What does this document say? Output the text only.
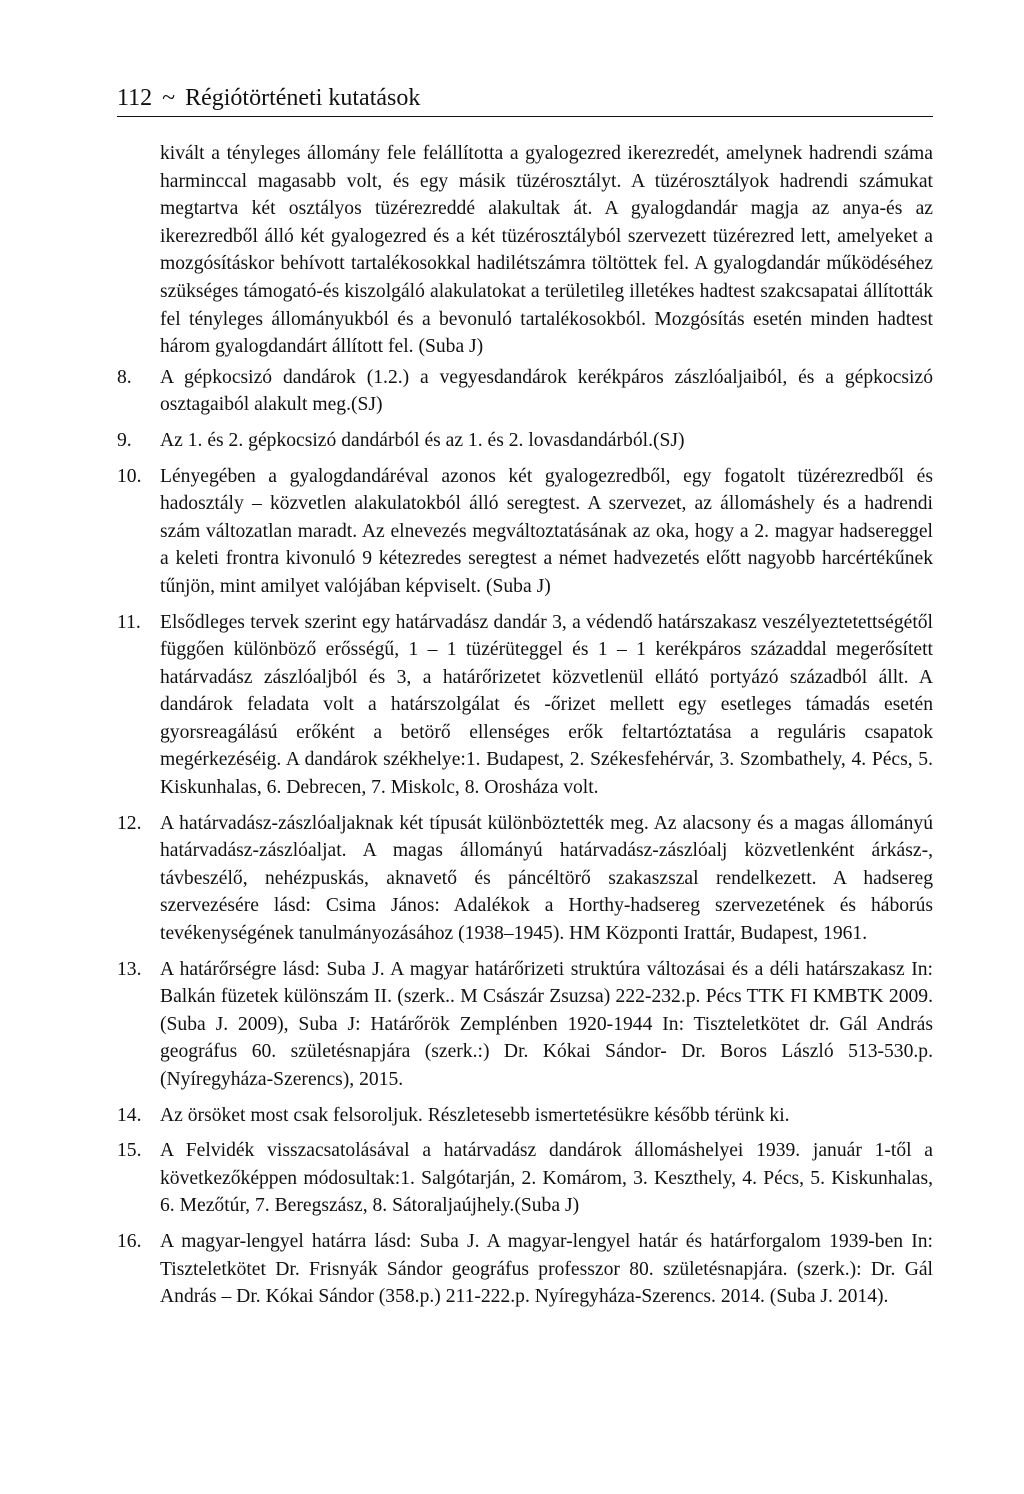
112 ~ Régiótörténeti kutatások

kivált a tényleges állomány fele felállította a gyalogezred ikerezredét, amelynek hadrendi száma harminccal magasabb volt, és egy másik tüzérosztályt. A tüzérosztályok hadrendi számukat megtartva két osztályos tüzérezreddé alakultak át. A gyalogdandár magja az anya-és az ikerezredből álló két gyalogezred és a két tüzérosztályból szervezett tüzérezred lett, amelyeket a mozgósításkor behívott tartalékosokkal hadilétszámra töltöttek fel. A gyalogdandár működéséhez szükséges támogató-és kiszolgáló alakulatokat a területileg illetékes hadtest szakcsapatai állították fel tényleges állományukból és a bevonuló tartalékosokból. Mozgósítás esetén minden hadtest három gyalogdandárt állított fel. (Suba J)

8.	A gépkocsizó dandárok (1.2.) a vegyesdandárok kerékpáros zászlóaljaiból, és a gépkocsizó osztagaiból alakult meg.(SJ)
9.	Az 1. és 2. gépkocsizó dandárból és az 1. és 2. lovasdandárból.(SJ)
10. Lényegében a gyalogdandáréval azonos két gyalogezredből, egy fogatolt tüzérezredből és hadosztály – közvetlen alakulatokból álló seregtest. A szervezet, az állomáshely és a hadrendi szám változatlan maradt. Az elnevezés megváltoztatásának az oka, hogy a 2. magyar hadsereggel a keleti frontra kivonuló 9 kétezredes seregtest a német hadvezetés előtt nagyobb harcértékűnek tűnjön, mint amilyet valójában képviselt. (Suba J)
11. Elsődleges tervek szerint egy határvadász dandár 3, a védendő határszakasz veszélyeztetettségétől függően különböző erősségű, 1 – 1 tüzérüteggel és 1 – 1 kerékpáros századdal megerősített határvadász zászlóaljból és 3, a határőrizetet közvetlenül ellátó portyázó századból állt. A dandárok feladata volt a határszolgálat és -őrizet mellett egy esetleges támadás esetén gyorsreagálású erőként a betörő ellenséges erők feltartóztatása a reguláris csapatok megérkezéséig. A dandárok székhelye:1. Budapest, 2. Székesfehérvár, 3. Szombathely, 4. Pécs, 5. Kiskunhalas, 6. Debrecen, 7. Miskolc, 8. Orosháza volt.
12. A határvadász-zászlóaljaknak két típusát különböztették meg. Az alacsony és a magas állományú határvadász-zászlóaljat. A magas állományú határvadász-zászlóalj közvetlenként árkász-, távbeszélő, nehézpuskás, aknavető és páncéltörő szakaszszal rendelkezett. A hadsereg szervezésére lásd: Csima János: Adalékok a Horthy-hadsereg szervezetének és háborús tevékenységének tanulmányozásához (1938–1945). HM Központi Irattár, Budapest, 1961.
13. A határőrségre lásd: Suba J. A magyar határőrizeti struktúra változásai és a déli határszakasz In: Balkán füzetek különszám II. (szerk.. M Császár Zsuzsa) 222-232.p. Pécs TTK FI KMBTK 2009. (Suba J. 2009), Suba J: Határőrök Zemplénben 1920-1944 In: Tiszteletkötet dr. Gál András geográfus 60. születésnapjára (szerk.:) Dr. Kókai Sándor- Dr. Boros László 513-530.p. (Nyíregyháza-Szerencs), 2015.
14. Az örsöket most csak felsoroljuk. Részletesebb ismertetésükre később térünk ki.
15. A Felvidék visszacsatolásával a határvadász dandárok állomáshelyei 1939. január 1-től a következőképpen módosultak:1. Salgótarján, 2. Komárom, 3. Keszthely, 4. Pécs, 5. Kiskunhalas, 6. Mezőtúr, 7. Beregszász, 8. Sátoraljaújhely.(Suba J)
16. A magyar-lengyel határra lásd: Suba J. A magyar-lengyel határ és határforgalom 1939-ben In: Tiszteletkötet Dr. Frisnyák Sándor geográfus professzor 80. születésnapjára. (szerk.): Dr. Gál András – Dr. Kókai Sándor (358.p.) 211-222.p. Nyíregyháza-Szerencs. 2014. (Suba J. 2014).
